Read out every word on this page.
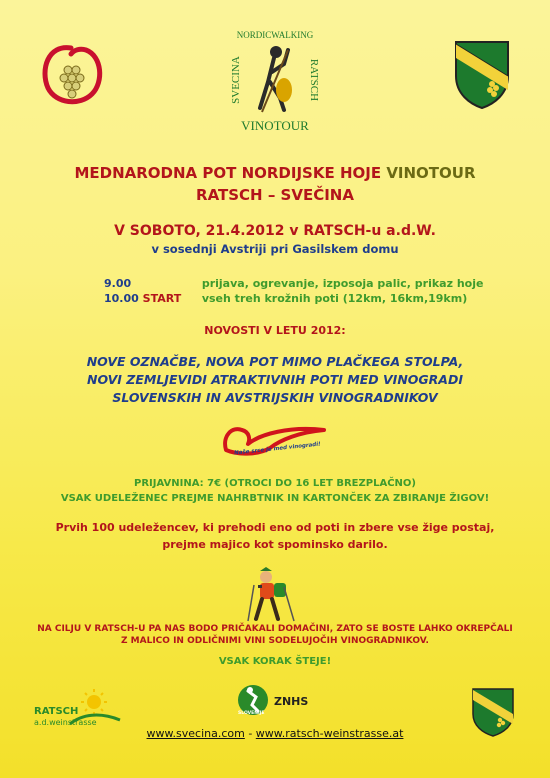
NORDICWALKING
SVECINA	RATSCH
VINOTOUR
MEDNARODNA POT NORDIJSKE HOJE VINOTOUR
RATSCH – SVEČINA
V SOBOTO, 21.4.2012 v RATSCH-u a.d.W.
v sosednji Avstriji pri Gasilskem domu
9.00	prijava, ogrevanje, izposoja palic, prikaz hoje
10.00 START vseh treh krožnih poti (12km, 16km,19km)
NOVOSTI V LETU 2012:
NOVE OZNAČBE, NOVA POT MIMO PLAČKEGA STOLPA,
NOVI ZEMLJEVIDI ATRAKTIVNIH POTI MED VINOGRADI
SLOVENSKIH IN AVSTRIJSKIH VINOGRADNIKOV
Naše srce je med vinogradi!
PRIJAVNINA: 7€ (OTROCI DO 16 LET BREZPLAČNO)
VSAK UDELEŽENEC PREJME NAHRBTNIK IN KARTONČEK ZA ZBIRANJE ŽIGOV!
Prvih 100 udeležencev, ki prehodi eno od poti in zbere vse žige postaj,
prejme majico kot spominsko darilo.
NA CILJU V RATSCH-U PA NAS BODO PRIČAKALI DOMAČINI, ZATO SE BOSTE LAHKO OKREPČALI
Z MALICO IN ODLIČNIMI VINI SODELUJOČIH VINOGRADNIKOV.
VSAK KORAK ŠTEJE!
RATSCH
a.d.weinstrasse
ZNHS
SLOVENIJE
www.svecina.com - www.ratsch-weinstrasse.at
